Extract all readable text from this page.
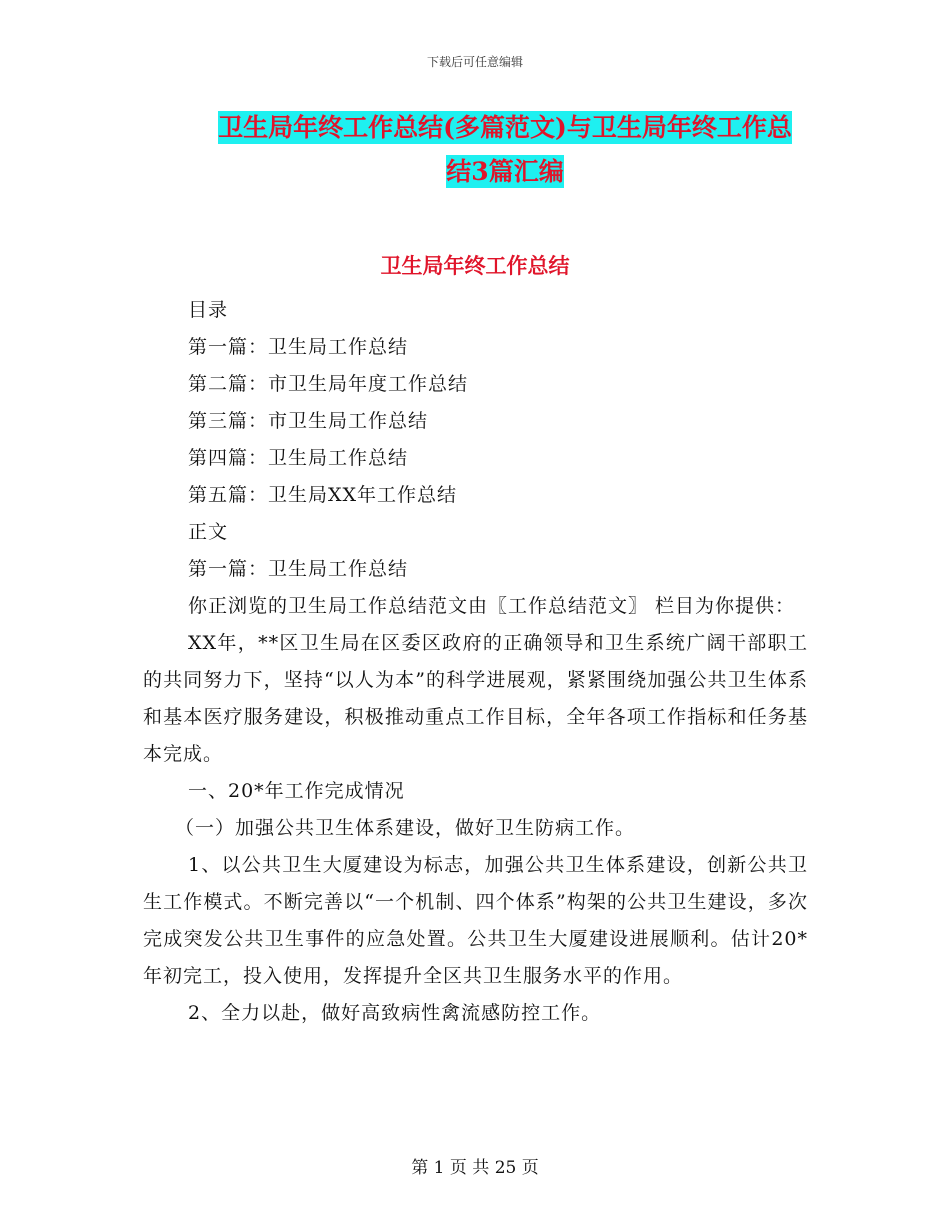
下载后可任意编辑
卫生局年终工作总结(多篇范文)与卫生局年终工作总
结3篇汇编
卫生局年终工作总结

目录

第一篇：卫生局工作总结

第二篇：市卫生局年度工作总结

第三篇：市卫生局工作总结

第四篇：卫生局工作总结

第五篇：卫生局XX年工作总结

正文

第一篇：卫生局工作总结

你正浏览的卫生局工作总结范文由〖工作总结范文〗 栏目为你提供：

XX年，**区卫生局在区委区政府的正确领导和卫生系统广阔干部职工的共同努力下，坚持“以人为本”的科学进展观，紧紧围绕加强公共卫生体系和基本医疗服务建设，积极推动重点工作目标，全年各项工作指标和任务基本完成。

一、20*年工作完成情况

（一）加强公共卫生体系建设，做好卫生防病工作。

1、以公共卫生大厦建设为标志，加强公共卫生体系建设，创新公共卫生工作模式。不断完善以“一个机制、四个体系”构架的公共卫生建设，多次完成突发公共卫生事件的应急处置。公共卫生大厦建设进展顺利。估计20*年初完工，投入使用，发挥提升全区共卫生服务水平的作用。

2、全力以赴，做好高致病性禽流感防控工作。

第 1 页 共 25 页
